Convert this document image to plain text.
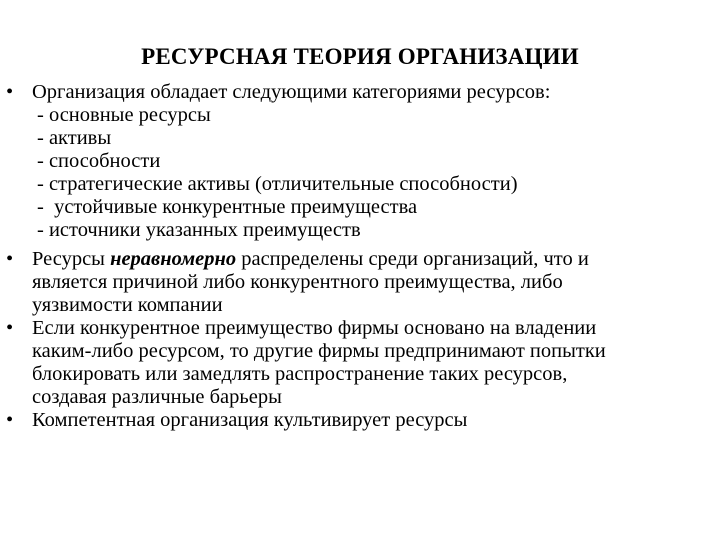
РЕСУРСНАЯ ТЕОРИЯ ОРГАНИЗАЦИИ
• Организация обладает следующими категориями ресурсов:
- основные ресурсы
- активы
- способности
- стратегические активы (отличительные способности)
-  устойчивые конкурентные преимущества
- источники указанных преимуществ
• Ресурсы неравномерно распределены среди организаций, что и
является причиной либо конкурентного преимущества, либо
уязвимости компании
• Если конкурентное преимущество фирмы основано на владении
каким-либо ресурсом, то другие фирмы предпринимают попытки
блокировать или замедлять распространение таких ресурсов,
создавая различные барьеры
• Компетентная организация культивирует ресурсы
